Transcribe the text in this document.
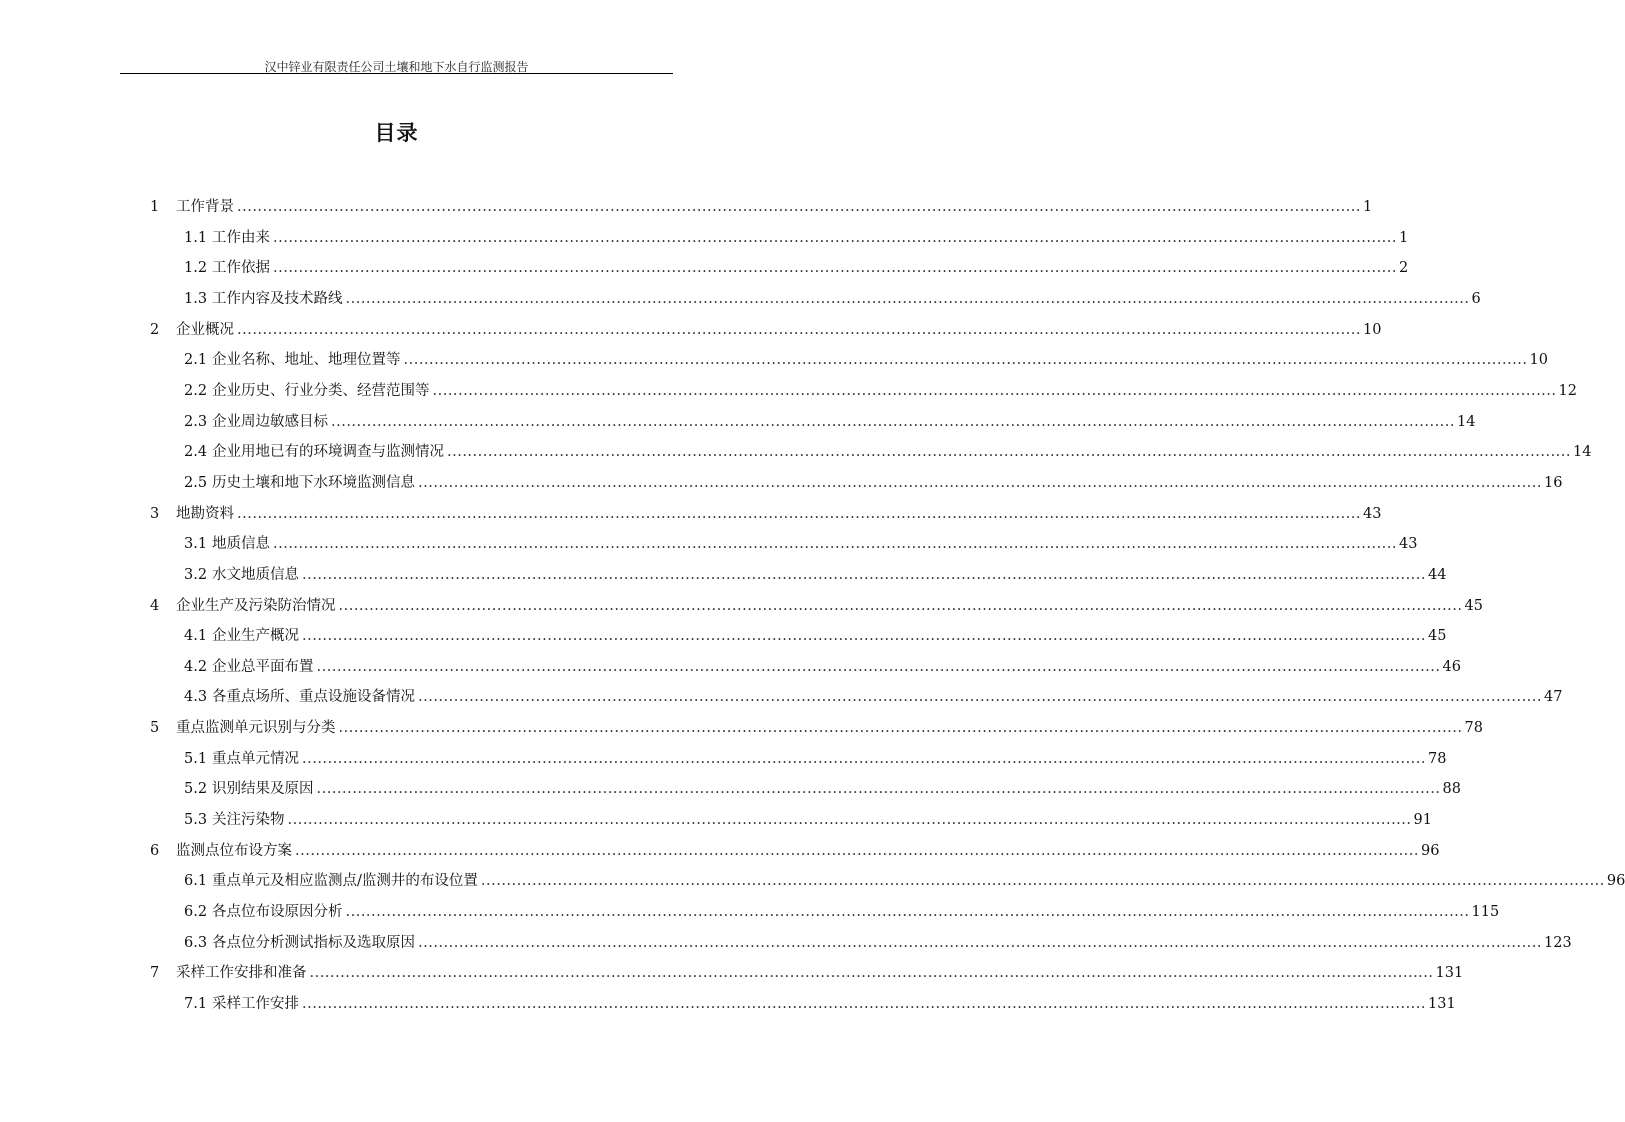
汉中锌业有限责任公司土壤和地下水自行监测报告
目录
1	工作背景 ............................................................................................................................................................................................................................ 1
1.1 工作由来 ............................................................................................................................................................................................................................ 1
1.2 工作依据 ............................................................................................................................................................................................................................ 2
1.3 工作内容及技术路线 ............................................................................................................................................................................................................................ 6
2	企业概况 ............................................................................................................................................................................................................................ 10
2.1 企业名称、地址、地理位置等 ............................................................................................................................................................................................................................ 10
2.2 企业历史、行业分类、经营范围等 ............................................................................................................................................................................................................................ 12
2.3 企业周边敏感目标 ............................................................................................................................................................................................................................ 14
2.4 企业用地已有的环境调查与监测情况 ............................................................................................................................................................................................................................ 14
2.5 历史土壤和地下水环境监测信息 ............................................................................................................................................................................................................................ 16
3	地勘资料 ............................................................................................................................................................................................................................ 43
3.1 地质信息 ............................................................................................................................................................................................................................ 43
3.2 水文地质信息 ............................................................................................................................................................................................................................ 44
4	企业生产及污染防治情况 ............................................................................................................................................................................................................................ 45
4.1 企业生产概况 ............................................................................................................................................................................................................................ 45
4.2 企业总平面布置 ............................................................................................................................................................................................................................ 46
4.3 各重点场所、重点设施设备情况 ............................................................................................................................................................................................................................ 47
5	重点监测单元识别与分类 ............................................................................................................................................................................................................................ 78
5.1 重点单元情况 ............................................................................................................................................................................................................................ 78
5.2 识别结果及原因 ............................................................................................................................................................................................................................ 88
5.3 关注污染物 ............................................................................................................................................................................................................................ 91
6	监测点位布设方案 ............................................................................................................................................................................................................................ 96
6.1 重点单元及相应监测点/监测井的布设位置 ............................................................................................................................................................................................................................ 96
6.2 各点位布设原因分析 ............................................................................................................................................................................................................................ 115
6.3 各点位分析测试指标及选取原因 ............................................................................................................................................................................................................................ 123
7	采样工作安排和准备 ............................................................................................................................................................................................................................ 131
7.1 采样工作安排 ............................................................................................................................................................................................................................ 131
